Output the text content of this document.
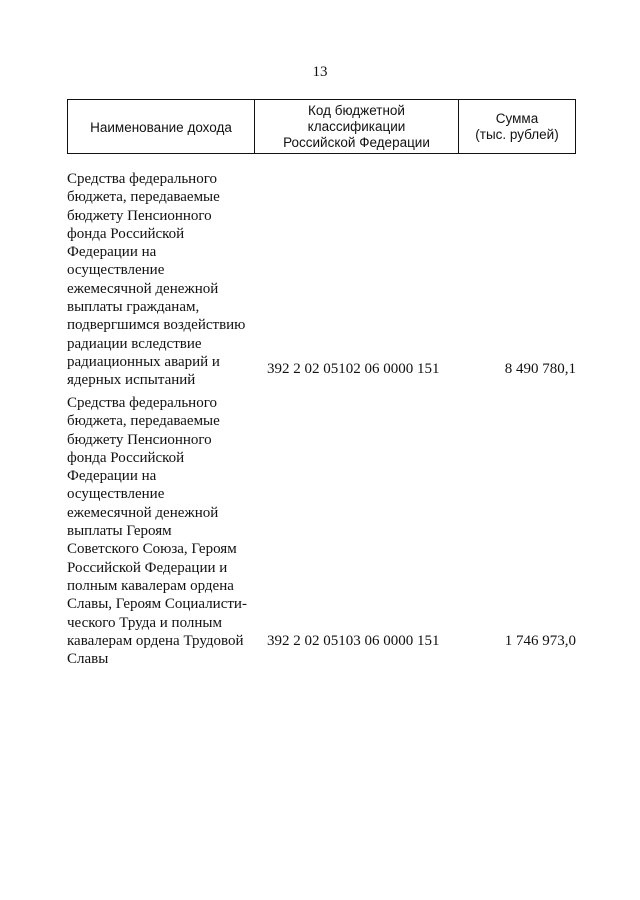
13
Наименование дохода
Код бюджетной
классификации
Российской Федерации
Сумма
(тыс. рублей)
Средства федерального
бюджета, передаваемые
бюджету Пенсионного
фонда Российской
Федерации на
осуществление
ежемесячной денежной
выплаты гражданам,
подвергшимся воздействию
радиации вследствие
радиационных аварий и
ядерных испытаний
392 2 02 05102 06 0000 151	8 490 780,1
Средства федерального
бюджета, передаваемые
бюджету Пенсионного
фонда Российской
Федерации на
осуществление
ежемесячной денежной
выплаты Героям
Советского Союза, Героям
Российской Федерации и
полным кавалерам ордена
Славы, Героям Социалисти-
ческого Труда и полным
кавалерам ордена Трудовой
Славы
392 2 02 05103 06 0000 151	1 746 973,0
